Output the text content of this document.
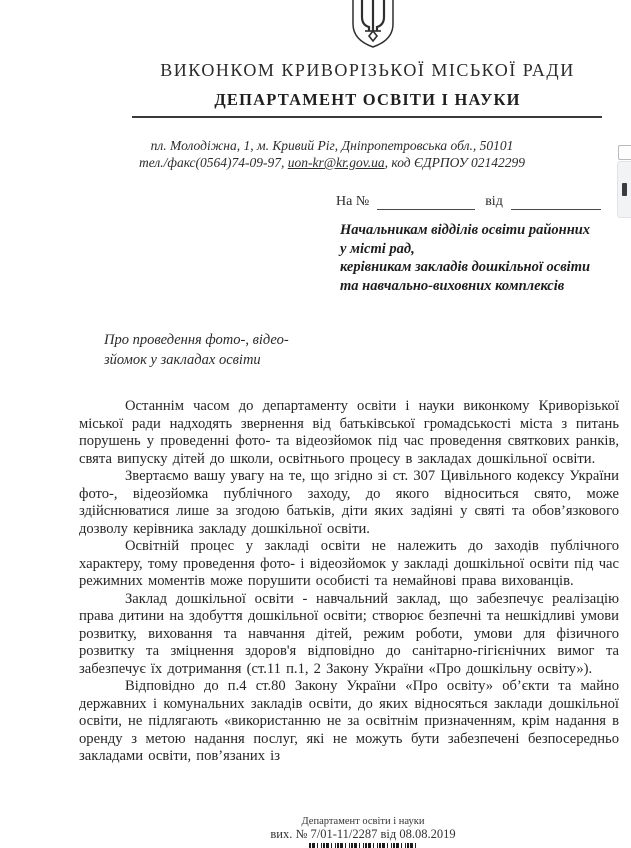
ВИКОНКОМ КРИВОРІЗЬКОЇ МІСЬКОЇ РАДИ
ДЕПАРТАМЕНТ ОСВІТИ І НАУКИ
пл. Молодіжна, 1, м. Кривий Ріг, Дніпропетровська обл., 50101
тел./факс(0564)74-09-97, uon-kr@kr.gov.ua, код ЄДРПОУ 02142299
На №	від
Начальникам відділів освіти районних
у місті рад,
керівникам закладів дошкільної освіти
та навчально-виховних комплексів
Про проведення фото-, відео-
зйомок у закладах освіти

Останнім часом до департаменту освіти і науки виконкому Криворізької міської ради надходять звернення від батьківської громадськості міста з питань порушень у проведенні фото- та відеозйомок під час проведення святкових ранків, свята випуску дітей до школи, освітнього процесу в закладах дошкільної освіти.

Звертаємо вашу увагу на те, що згідно зі ст. 307 Цивільного кодексу України фото-, відеозйомка публічного заходу, до якого відноситься свято, може здійснюватися лише за згодою батьків, діти яких задіяні у святі та обов’язкового дозволу керівника закладу дошкільної освіти.

Освітній процес у закладі освіти не належить до заходів публічного характеру, тому проведення фото- і відеозйомок у закладі дошкільної освіти під час режимних моментів може порушити особисті та немайнові права вихованців.

Заклад дошкільної освіти - навчальний заклад, що забезпечує реалізацію права дитини на здобуття дошкільної освіти; створює безпечні та нешкідливі умови розвитку, виховання та навчання дітей, режим роботи, умови для фізичного розвитку та зміцнення здоров'я відповідно до санітарно-гігієнічних вимог та забезпечує їх дотримання (ст.11 п.1, 2 Закону України «Про дошкільну освіту»).

Відповідно до п.4 ст.80 Закону України «Про освіту» об’єкти та майно державних і комунальних закладів освіти, до яких відносяться заклади дошкільної освіти, не підлягають «використанню не за освітнім призначенням, крім надання в оренду з метою надання послуг, які не можуть бути забезпечені безпосередньо закладами освіти, пов’язаних із

Департамент освіти і науки
вих. № 7/01-11/2287 від 08.08.2019
